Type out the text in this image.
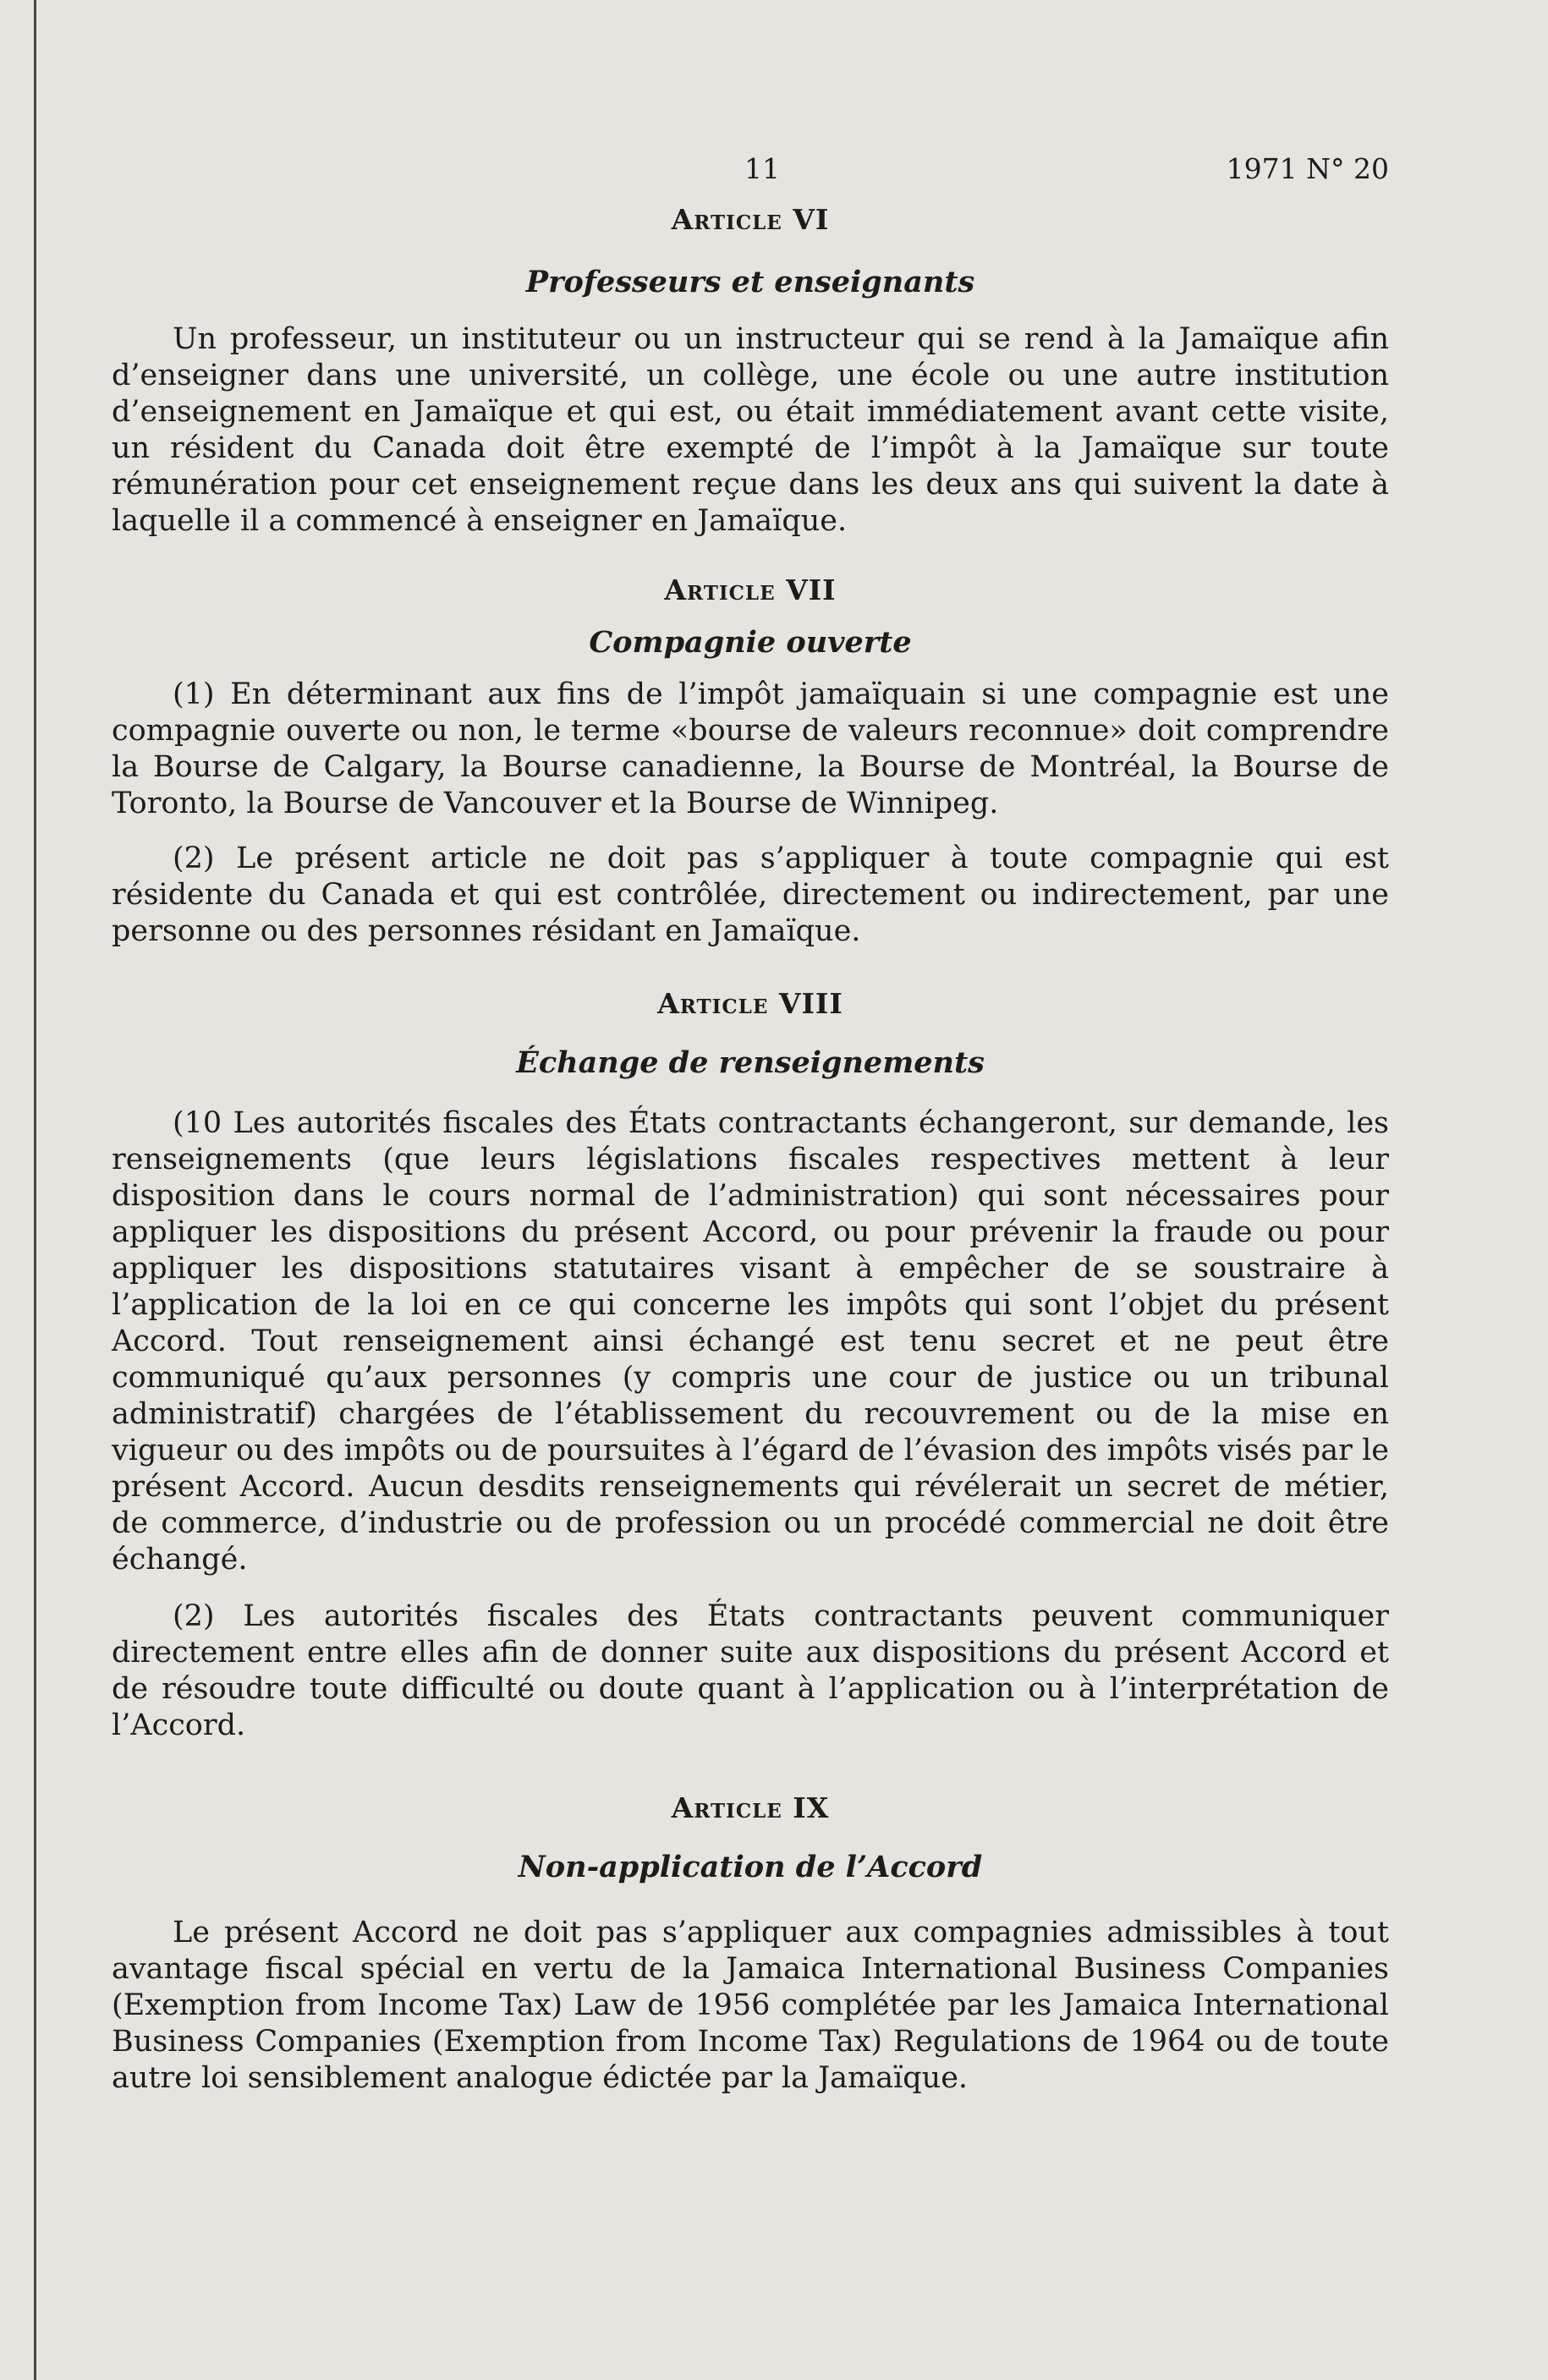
11	1971 N° 20
Article VI
Professeurs et enseignants

Un professeur, un instituteur ou un instructeur qui se rend à la Jamaïque afin d’enseigner dans une université, un collège, une école ou une autre institution d’enseignement en Jamaïque et qui est, ou était immédiatement avant cette visite, un résident du Canada doit être exempté de l’impôt à la Jamaïque sur toute rémunération pour cet enseignement reçue dans les deux ans qui suivent la date à laquelle il a commencé à enseigner en Jamaïque.

Article VII
Compagnie ouverte

(1) En déterminant aux fins de l’impôt jamaïquain si une compagnie est une compagnie ouverte ou non, le terme «bourse de valeurs reconnue» doit comprendre la Bourse de Calgary, la Bourse canadienne, la Bourse de Montréal, la Bourse de Toronto, la Bourse de Vancouver et la Bourse de Winnipeg.

(2) Le présent article ne doit pas s’appliquer à toute compagnie qui est résidente du Canada et qui est contrôlée, directement ou indirectement, par une personne ou des personnes résidant en Jamaïque.

Article VIII
Échange de renseignements

(10 Les autorités fiscales des États contractants échangeront, sur demande, les renseignements (que leurs législations fiscales respectives mettent à leur disposition dans le cours normal de l’administration) qui sont nécessaires pour appliquer les dispositions du présent Accord, ou pour prévenir la fraude ou pour appliquer les dispositions statutaires visant à empêcher de se soustraire à l’application de la loi en ce qui concerne les impôts qui sont l’objet du présent Accord. Tout renseignement ainsi échangé est tenu secret et ne peut être communiqué qu’aux personnes (y compris une cour de justice ou un tribunal administratif) chargées de l’établissement du recouvrement ou de la mise en vigueur ou des impôts ou de poursuites à l’égard de l’évasion des impôts visés par le présent Accord. Aucun desdits renseignements qui révélerait un secret de métier, de commerce, d’industrie ou de profession ou un procédé commercial ne doit être échangé.

(2) Les autorités fiscales des États contractants peuvent communiquer directement entre elles afin de donner suite aux dispositions du présent Accord et de résoudre toute difficulté ou doute quant à l’application ou à l’interprétation de l’Accord.

Article IX
Non-application de l’Accord

Le présent Accord ne doit pas s’appliquer aux compagnies admissibles à tout avantage fiscal spécial en vertu de la Jamaica International Business Companies (Exemption from Income Tax) Law de 1956 complétée par les Jamaica International Business Companies (Exemption from Income Tax) Regulations de 1964 ou de toute autre loi sensiblement analogue édictée par la Jamaïque.
